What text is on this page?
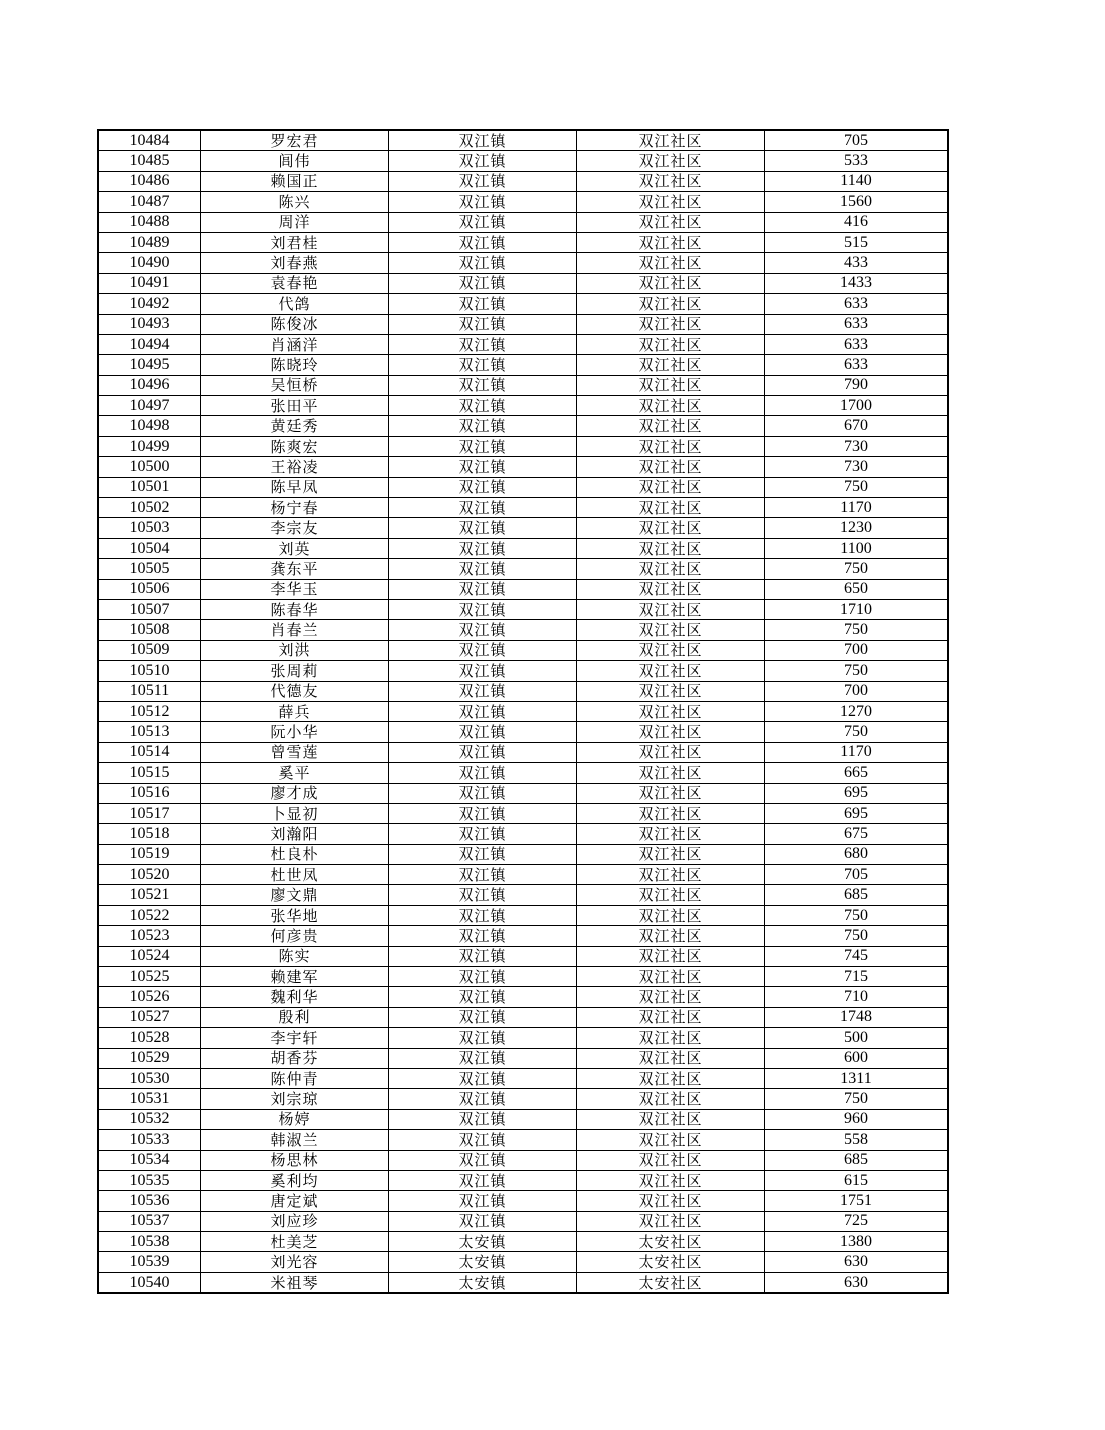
10484	罗宏君	双江镇	双江社区	705
10485	闾伟	双江镇	双江社区	533
10486	赖国正	双江镇	双江社区	1140
10487	陈兴	双江镇	双江社区	1560
10488	周洋	双江镇	双江社区	416
10489	刘君桂	双江镇	双江社区	515
10490	刘春燕	双江镇	双江社区	433
10491	袁春艳	双江镇	双江社区	1433
10492	代鸽	双江镇	双江社区	633
10493	陈俊冰	双江镇	双江社区	633
10494	肖涵洋	双江镇	双江社区	633
10495	陈晓玲	双江镇	双江社区	633
10496	吴恒桥	双江镇	双江社区	790
10497	张田平	双江镇	双江社区	1700
10498	黄廷秀	双江镇	双江社区	670
10499	陈爽宏	双江镇	双江社区	730
10500	王裕凌	双江镇	双江社区	730
10501	陈早凤	双江镇	双江社区	750
10502	杨宁春	双江镇	双江社区	1170
10503	李宗友	双江镇	双江社区	1230
10504	刘英	双江镇	双江社区	1100
10505	龚东平	双江镇	双江社区	750
10506	李华玉	双江镇	双江社区	650
10507	陈春华	双江镇	双江社区	1710
10508	肖春兰	双江镇	双江社区	750
10509	刘洪	双江镇	双江社区	700
10510	张周莉	双江镇	双江社区	750
10511	代德友	双江镇	双江社区	700
10512	薛兵	双江镇	双江社区	1270
10513	阮小华	双江镇	双江社区	750
10514	曾雪莲	双江镇	双江社区	1170
10515	奚平	双江镇	双江社区	665
10516	廖才成	双江镇	双江社区	695
10517	卜显初	双江镇	双江社区	695
10518	刘瀚阳	双江镇	双江社区	675
10519	杜良朴	双江镇	双江社区	680
10520	杜世凤	双江镇	双江社区	705
10521	廖文鼎	双江镇	双江社区	685
10522	张华地	双江镇	双江社区	750
10523	何彦贵	双江镇	双江社区	750
10524	陈实	双江镇	双江社区	745
10525	赖建军	双江镇	双江社区	715
10526	魏利华	双江镇	双江社区	710
10527	殷利	双江镇	双江社区	1748
10528	李宇轩	双江镇	双江社区	500
10529	胡香芬	双江镇	双江社区	600
10530	陈仲青	双江镇	双江社区	1311
10531	刘宗琼	双江镇	双江社区	750
10532	杨婷	双江镇	双江社区	960
10533	韩淑兰	双江镇	双江社区	558
10534	杨思林	双江镇	双江社区	685
10535	奚利均	双江镇	双江社区	615
10536	唐定斌	双江镇	双江社区	1751
10537	刘应珍	双江镇	双江社区	725
10538	杜美芝	太安镇	太安社区	1380
10539	刘光容	太安镇	太安社区	630
10540	米祖琴	太安镇	太安社区	630
